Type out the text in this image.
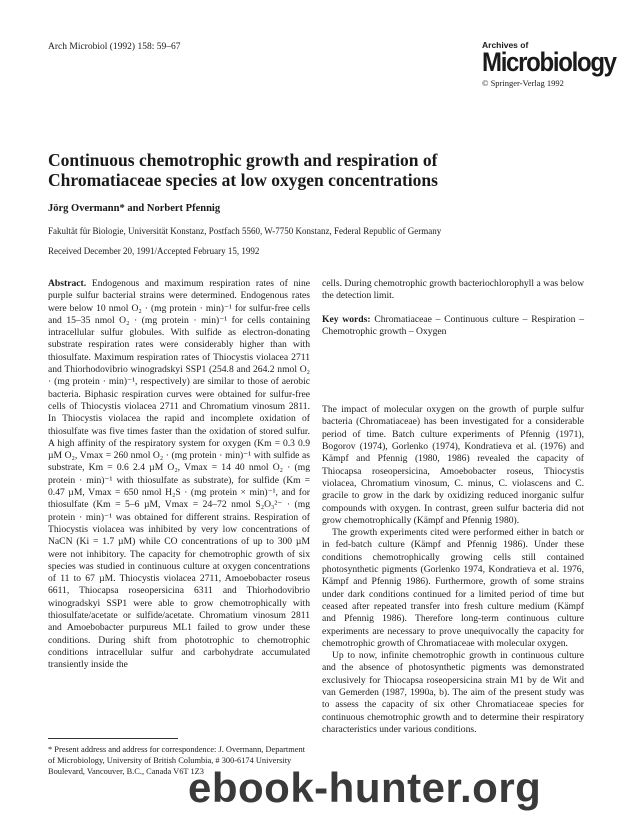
Arch Microbiol (1992) 158: 59–67	Archives of
Microbiology
© Springer-Verlag 1992
Continuous chemotrophic growth and respiration of Chromatiaceae species at low oxygen concentrations
Jörg Overmann* and Norbert Pfennig
Fakultät für Biologie, Universität Konstanz, Postfach 5560, W-7750 Konstanz, Federal Republic of Germany
Received December 20, 1991/Accepted February 15, 1992

Abstract. Endogenous and maximum respiration rates of nine purple sulfur bacterial strains were determined. Endogenous rates were below 10 nmol O₂ · (mg protein · min)⁻¹ for sulfur-free cells and 15–35 nmol O₂ · (mg protein · min)⁻¹ for cells containing intracellular sulfur globules. With sulfide as electron-donating substrate respiration rates were considerably higher than with thiosulfate. Maximum respiration rates of Thiocystis violacea 2711 and Thiorhodovibrio winogradskyi SSP1 (254.8 and 264.2 nmol O₂ · (mg protein · min)⁻¹, respectively) are similar to those of aerobic bacteria. Biphasic respiration curves were obtained for sulfur-free cells of Thiocystis violacea 2711 and Chromatium vinosum 2811. In Thiocystis violacea the rapid and incomplete oxidation of thiosulfate was five times faster than the oxidation of stored sulfur. A high affinity of the respiratory system for oxygen (Km = 0.3 0.9 µM O₂, Vmax = 260 nmol O₂ · (mg protein · min)⁻¹ with sulfide as substrate, Km = 0.6 2.4 µM O₂, Vmax = 14 40 nmol O₂ · (mg protein · min)⁻¹ with thiosulfate as substrate), for sulfide (Km = 0.47 µM, Vmax = 650 nmol H₂S · (mg protein × min)⁻¹, and for thiosulfate (Km = 5–6 µM, Vmax = 24–72 nmol S₂O₃²⁻ · (mg protein · min)⁻¹ was obtained for different strains. Respiration of Thiocystis violacea was inhibited by very low concentrations of NaCN (Ki = 1.7 µM) while CO concentrations of up to 300 µM were not inhibitory. The capacity for chemotrophic growth of six species was studied in continuous culture at oxygen concentrations of 11 to 67 µM. Thiocystis violacea 2711, Amoebobacter roseus 6611, Thiocapsa roseopersicina 6311 and Thiorhodovibrio winogradskyi SSP1 were able to grow chemotrophically with thiosulfate/acetate or sulfide/acetate. Chromatium vinosum 2811 and Amoebobacter purpureus ML1 failed to grow under these conditions. During shift from phototrophic to chemotrophic conditions intracellular sulfur and carbohydrate accumulated transiently inside the

cells. During chemotrophic growth bacteriochlorophyll a was below the detection limit.

Key words: Chromatiaceae – Continuous culture – Respiration – Chemotrophic growth – Oxygen

The impact of molecular oxygen on the growth of purple sulfur bacteria (Chromatiaceae) has been investigated for a considerable period of time. Batch culture experiments of Pfennig (1971), Bogorov (1974), Gorlenko (1974), Kondratieva et al. (1976) and Kämpf and Pfennig (1980, 1986) revealed the capacity of Thiocapsa roseopersicina, Amoebobacter roseus, Thiocystis violacea, Chromatium vinosum, C. minus, C. violascens and C. gracile to grow in the dark by oxidizing reduced inorganic sulfur compounds with oxygen. In contrast, green sulfur bacteria did not grow chemotrophically (Kämpf and Pfennig 1980).

The growth experiments cited were performed either in batch or in fed-batch culture (Kämpf and Pfennig 1986). Under these conditions chemotrophically growing cells still contained photosynthetic pigments (Gorlenko 1974, Kondratieva et al. 1976, Kämpf and Pfennig 1986). Furthermore, growth of some strains under dark conditions continued for a limited period of time but ceased after repeated transfer into fresh culture medium (Kämpf and Pfennig 1986). Therefore long-term continuous culture experiments are necessary to prove unequivocally the capacity for chemotrophic growth of Chromatiaceae with molecular oxygen.

Up to now, infinite chemotrophic growth in continuous culture and the absence of photosynthetic pigments was demonstrated exclusively for Thiocapsa roseopersicina strain M1 by de Wit and van Gemerden (1987, 1990a, b). The aim of the present study was to assess the capacity of six other Chromatiaceae species for continuous chemotrophic growth and to determine their respiratory characteristics under various conditions.

* Present address and address for correspondence: J. Overmann, Department of Microbiology, University of British Columbia, # 300-6174 University Boulevard, Vancouver, B.C., Canada V6T 1Z3
ebook-hunter.org
